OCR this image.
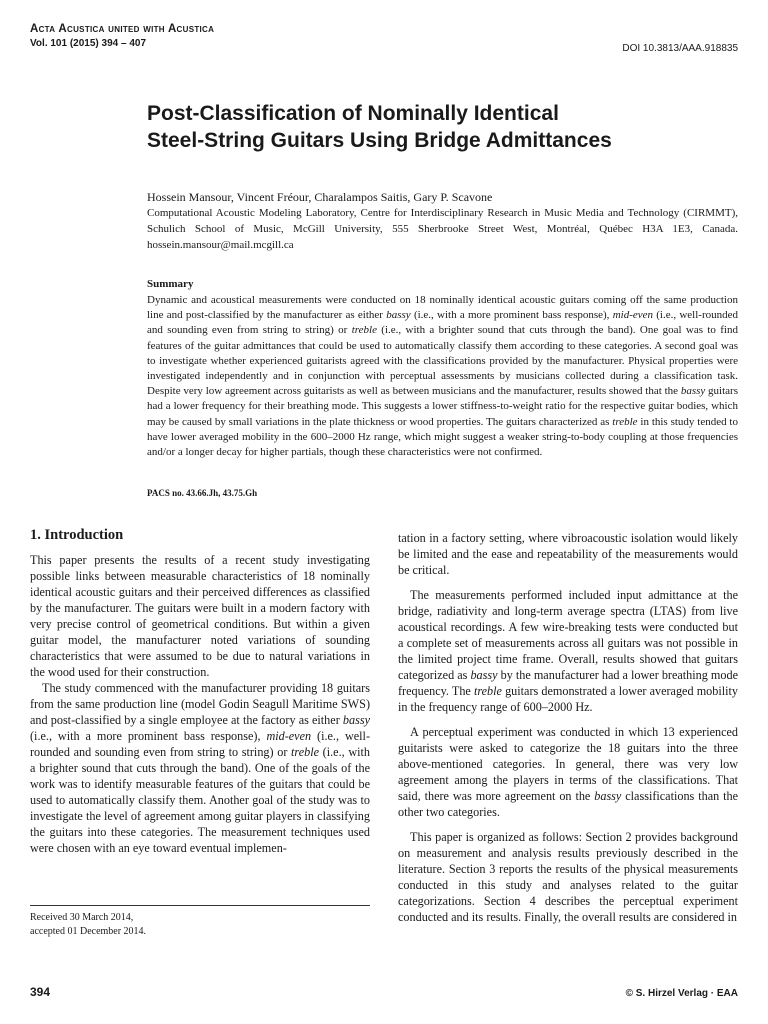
Acta Acustica united with Acustica
Vol. 101 (2015) 394 – 407	DOI 10.3813/AAA.918835
Post-Classification of Nominally Identical
Steel-String Guitars Using Bridge Admittances
Hossein Mansour, Vincent Fréour, Charalampos Saitis, Gary P. Scavone
Computational Acoustic Modeling Laboratory, Centre for Interdisciplinary Research in Music Media and Technology (CIRMMT), Schulich School of Music, McGill University, 555 Sherbrooke Street West, Montréal, Québec H3A 1E3, Canada. hossein.mansour@mail.mcgill.ca
Summary
Dynamic and acoustical measurements were conducted on 18 nominally identical acoustic guitars coming off the same production line and post-classified by the manufacturer as either bassy (i.e., with a more prominent bass response), mid-even (i.e., well-rounded and sounding even from string to string) or treble (i.e., with a brighter sound that cuts through the band). One goal was to find features of the guitar admittances that could be used to automatically classify them according to these categories. A second goal was to investigate whether experienced guitarists agreed with the classifications provided by the manufacturer. Physical properties were investigated independently and in conjunction with perceptual assessments by musicians collected during a classification task. Despite very low agreement across guitarists as well as between musicians and the manufacturer, results showed that the bassy guitars had a lower frequency for their breathing mode. This suggests a lower stiffness-to-weight ratio for the respective guitar bodies, which may be caused by small variations in the plate thickness or wood properties. The guitars characterized as treble in this study tended to have lower averaged mobility in the 600–2000 Hz range, which might suggest a weaker string-to-body coupling at those frequencies and/or a longer decay for higher partials, though these characteristics were not confirmed.
PACS no. 43.66.Jh, 43.75.Gh
1. Introduction

This paper presents the results of a recent study investigating possible links between measurable characteristics of 18 nominally identical acoustic guitars and their perceived differences as classified by the manufacturer. The guitars were built in a modern factory with very precise control of geometrical conditions. But within a given guitar model, the manufacturer noted variations of sounding characteristics that were assumed to be due to natural variations in the wood used for their construction.

The study commenced with the manufacturer providing 18 guitars from the same production line (model Godin Seagull Maritime SWS) and post-classified by a single employee at the factory as either bassy (i.e., with a more prominent bass response), mid-even (i.e., well-rounded and sounding even from string to string) or treble (i.e., with a brighter sound that cuts through the band). One of the goals of the work was to identify measurable features of the guitars that could be used to automatically classify them. Another goal of the study was to investigate the level of agreement among guitar players in classifying the guitars into these categories. The measurement techniques used were chosen with an eye toward eventual implemen-

tation in a factory setting, where vibroacoustic isolation would likely be limited and the ease and repeatability of the measurements would be critical.

The measurements performed included input admittance at the bridge, radiativity and long-term average spectra (LTAS) from live acoustical recordings. A few wire-breaking tests were conducted but a complete set of measurements across all guitars was not possible in the limited project time frame. Overall, results showed that guitars categorized as bassy by the manufacturer had a lower breathing mode frequency. The treble guitars demonstrated a lower averaged mobility in the frequency range of 600–2000 Hz.

A perceptual experiment was conducted in which 13 experienced guitarists were asked to categorize the 18 guitars into the three above-mentioned categories. In general, there was very low agreement among the players in terms of the classifications. That said, there was more agreement on the bassy classifications than the other two categories.

This paper is organized as follows: Section 2 provides background on measurement and analysis results previously described in the literature. Section 3 reports the results of the physical measurements conducted in this study and analyses related to the guitar categorizations. Section 4 describes the perceptual experiment conducted and its results. Finally, the overall results are considered in

Received 30 March 2014,
accepted 01 December 2014.
394	© S. Hirzel Verlag · EAA
